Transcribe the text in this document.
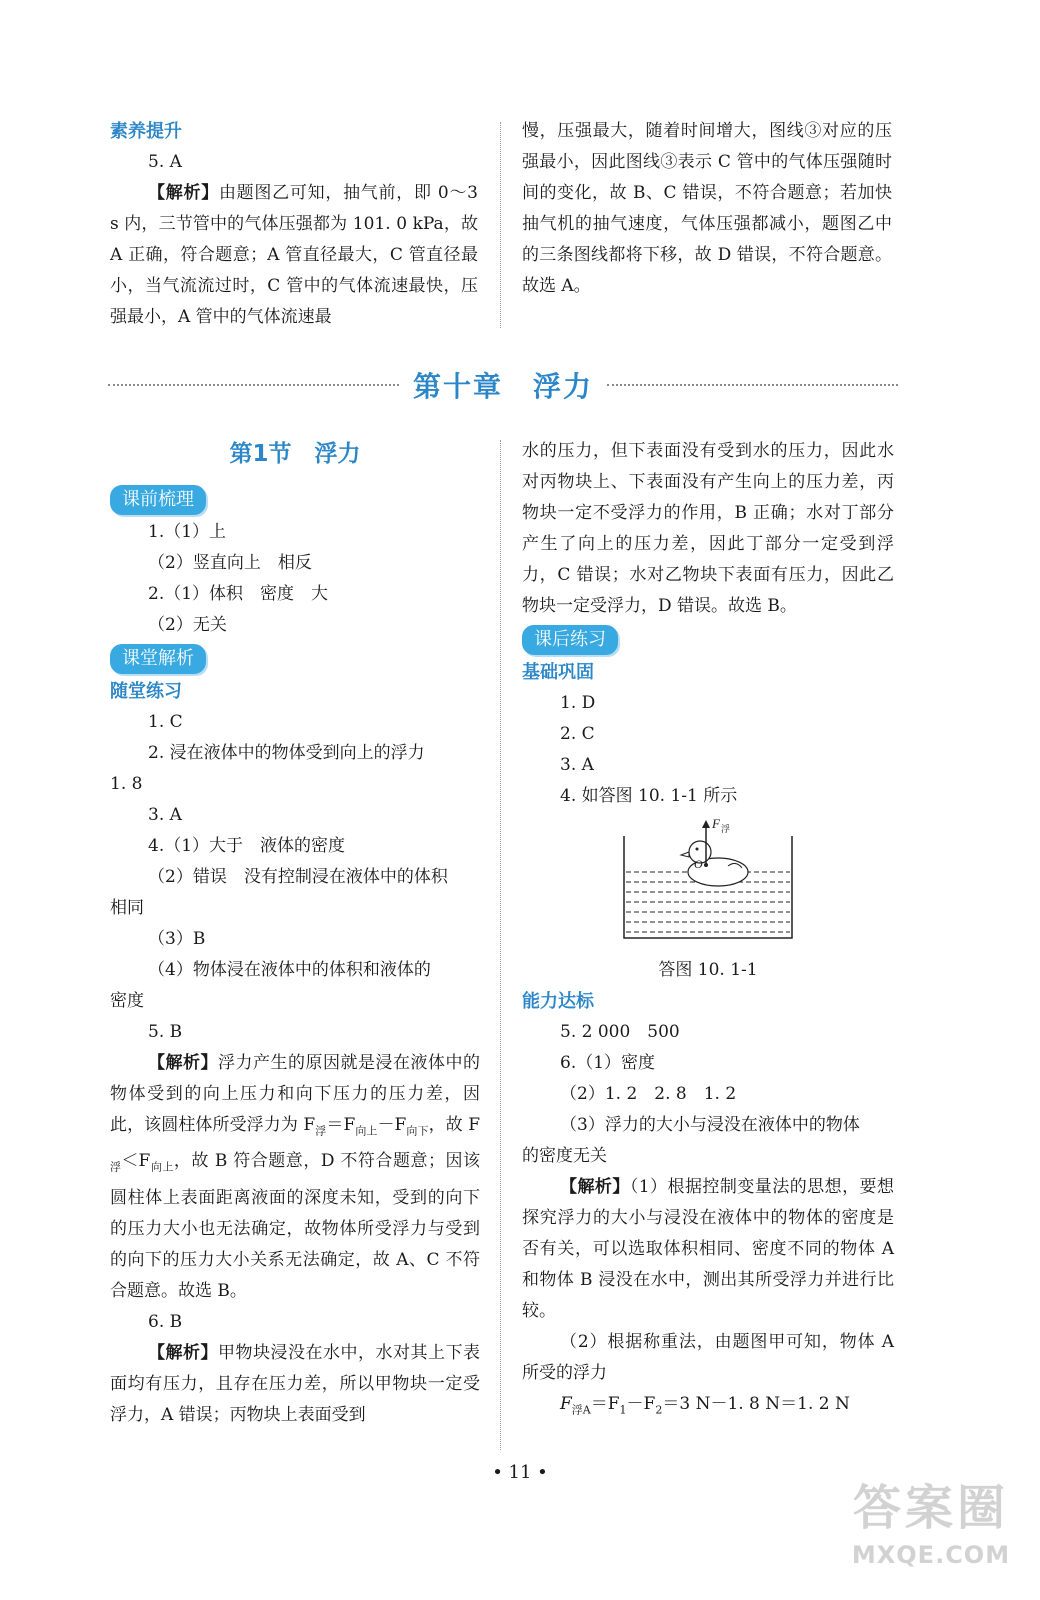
素养提升

5. A

【解析】由题图乙可知，抽气前，即 0～3 s 内，三节管中的气体压强都为 101. 0 kPa，故 A 正确，符合题意；A 管直径最大，C 管直径最小，当气流流过时，C 管中的气体流速最快，压强最小，A 管中的气体流速最

慢，压强最大，随着时间增大，图线③对应的压强最小，因此图线③表示 C 管中的气体压强随时间的变化，故 B、C 错误，不符合题意；若加快抽气机的抽气速度，气体压强都减小，题图乙中的三条图线都将下移，故 D 错误，不符合题意。故选 A。

第十章　浮力
第1节　浮力
课前梳理

1.（1）上

（2）竖直向上　相反

2.（1）体积　密度　大

（2）无关

课堂解析

随堂练习

1. C

2. 浸在液体中的物体受到向上的浮力

1. 8

3. A

4.（1）大于　液体的密度

（2）错误　没有控制浸在液体中的体积

相同

（3）B

（4）物体浸在液体中的体积和液体的

密度

5. B

【解析】浮力产生的原因就是浸在液体中的物体受到的向上压力和向下压力的压力差，因此，该圆柱体所受浮力为 $F_浮=F_{向上}-F_{向下}$，故 $F_浮<F_{向上}$，故 B 符合题意，D 不符合题意；因该圆柱体上表面距离液面的深度未知，受到的向下的压力大小也无法确定，故物体所受浮力与受到的向下的压力大小关系无法确定，故 A、C 不符合题意。故选 B。

6. B

【解析】甲物块浸没在水中，水对其上下表面均有压力，且存在压力差，所以甲物块一定受浮力，A 错误；丙物块上表面受到

水的压力，但下表面没有受到水的压力，因此水对丙物块上、下表面没有产生向上的压力差，丙物块一定不受浮力的作用，B 正确；水对丁部分产生了向上的压力差，因此丁部分一定受到浮力，C 错误；水对乙物块下表面有压力，因此乙物块一定受浮力，D 错误。故选 B。

课后练习

基础巩固

1. D

2. C

3. A

4. 如答图 10. 1-1 所示

F 浮
O

答图 10. 1-1

能力达标

5. 2 000　500

6.（1）密度

（2）1. 2　2. 8　1. 2

（3）浮力的大小与浸没在液体中的物体

的密度无关

【解析】（1）根据控制变量法的思想，要想探究浮力的大小与浸没在液体中的物体的密度是否有关，可以选取体积相同、密度不同的物体 A 和物体 B 浸没在水中，测出其所受浮力并进行比较。

（2）根据称重法，由题图甲可知，物体 A 所受的浮力

$F_{浮A}=F_1-F_2=3$ N－1. 8 N＝1. 2 N

• 11 •
答案圈
MXQE.COM
